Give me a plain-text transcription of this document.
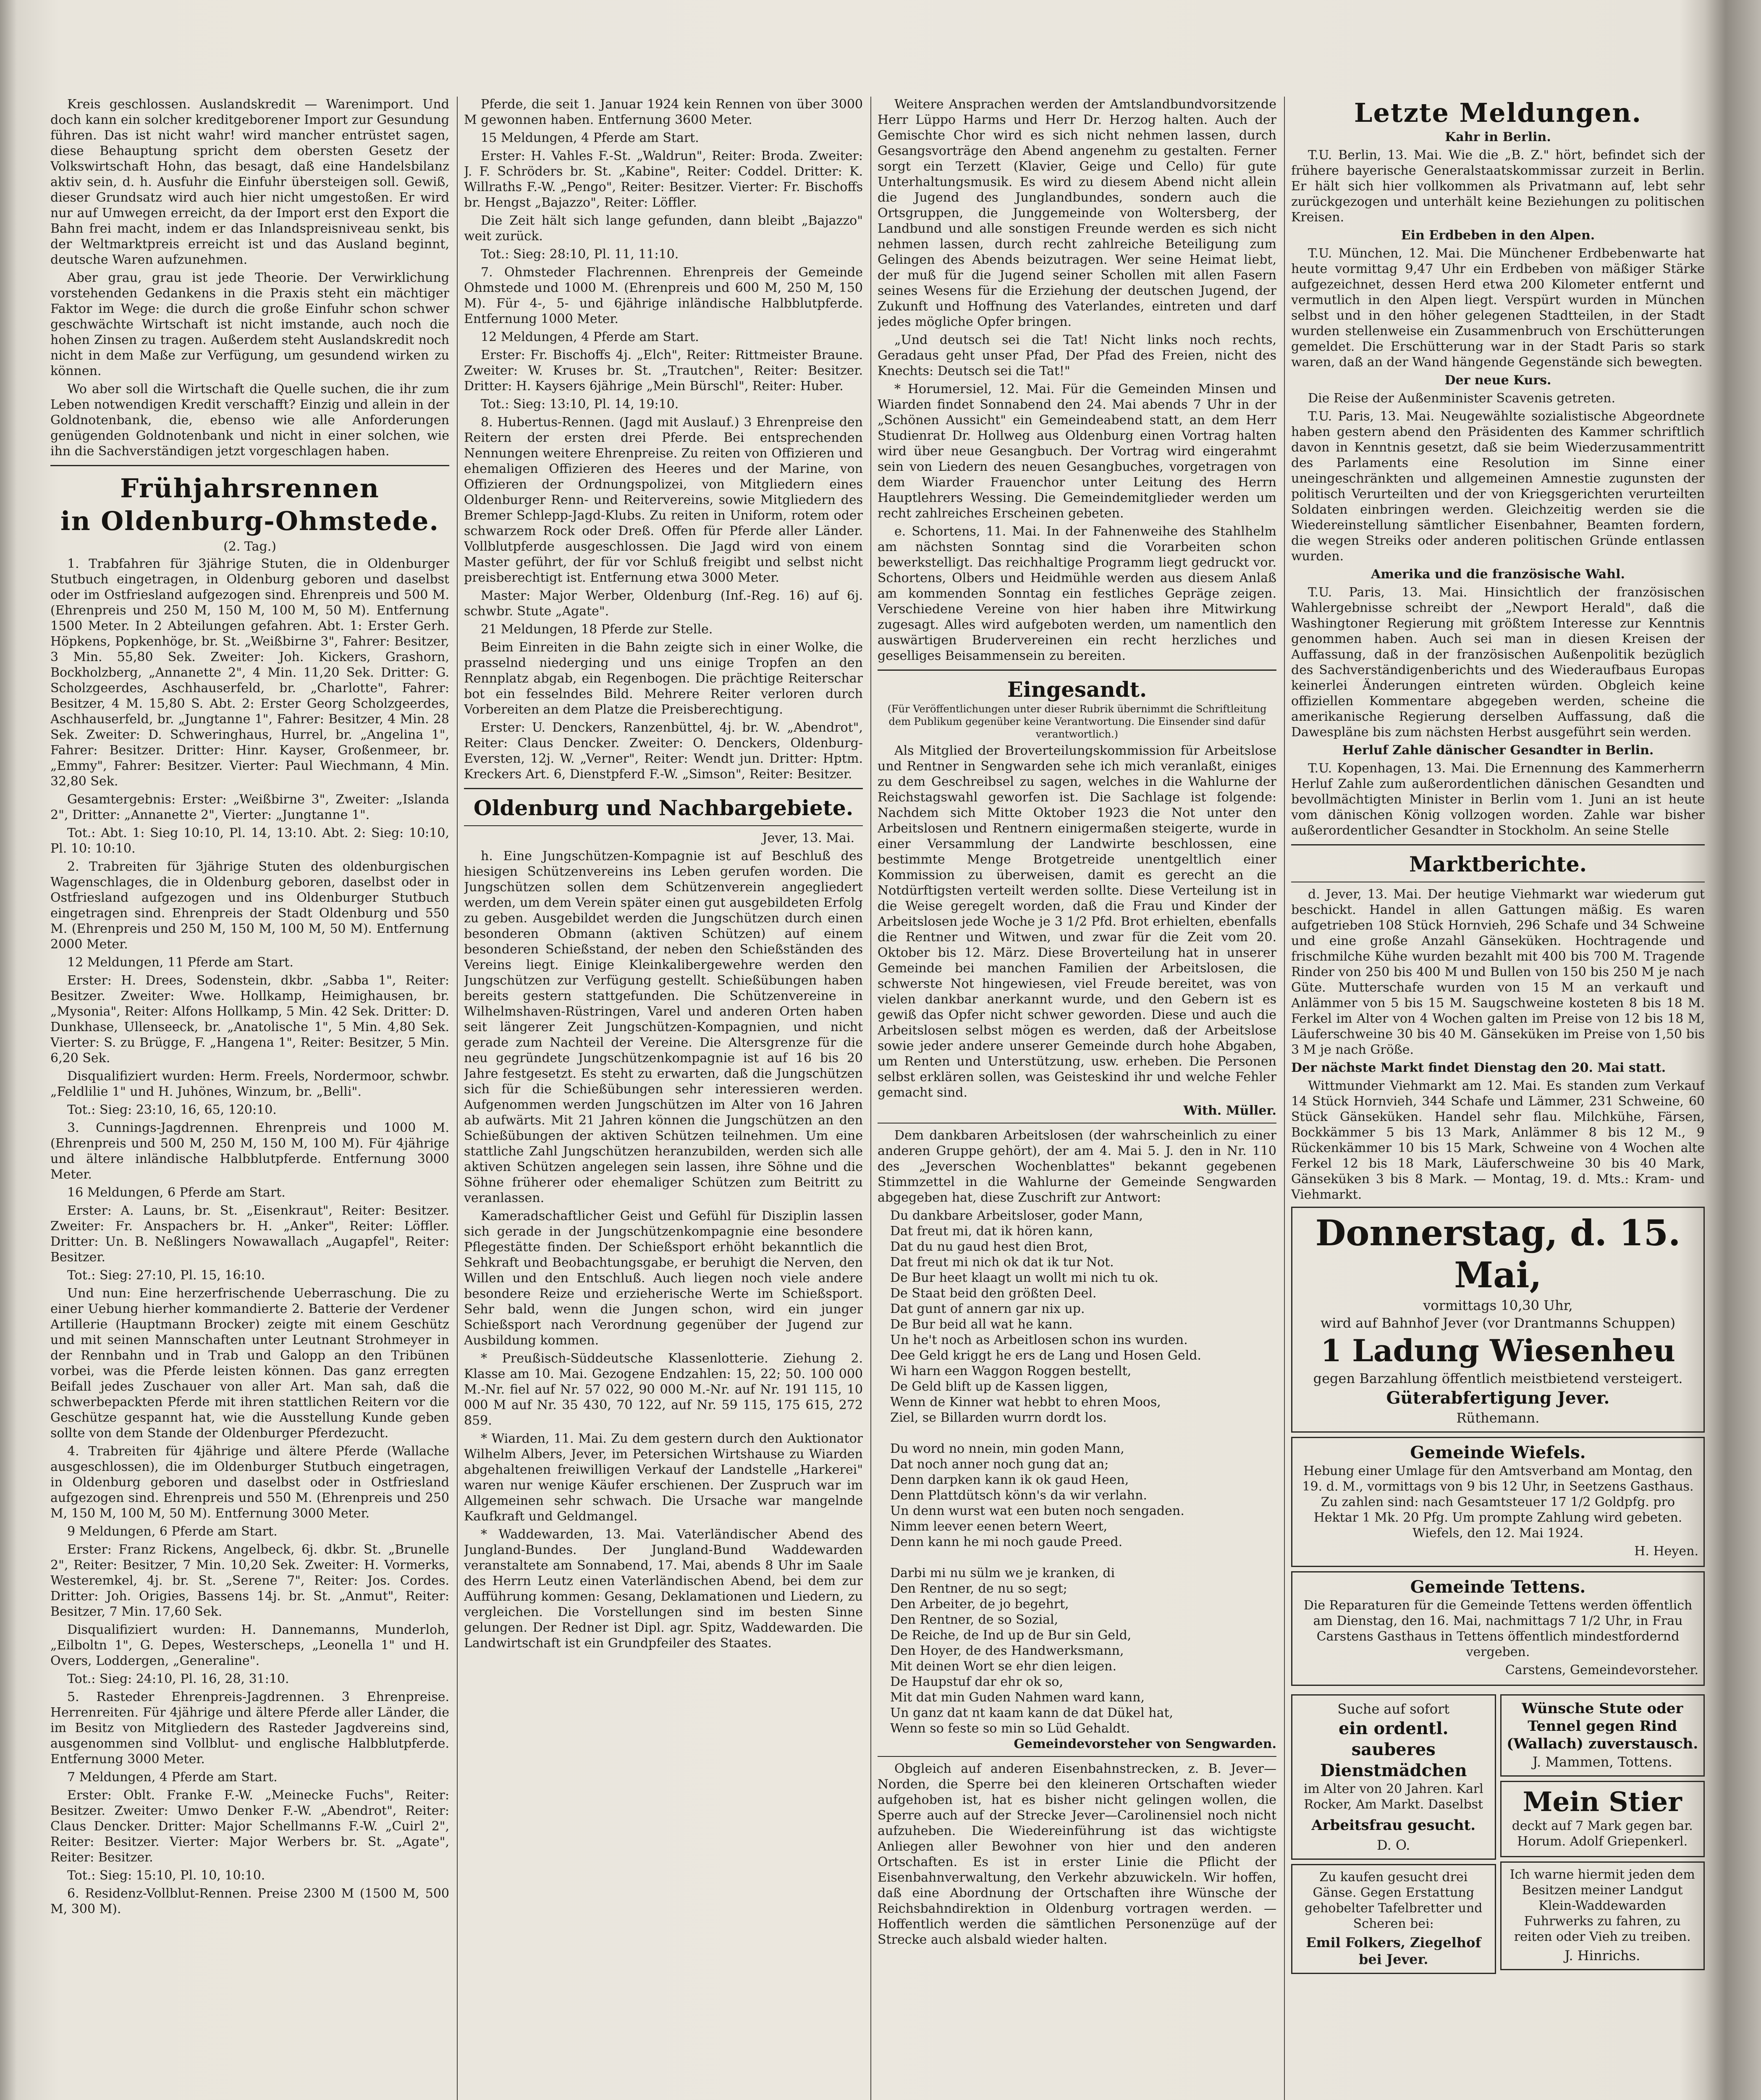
Kreis geschlossen. Auslandskredit — Warenimport. Und doch kann ein solcher kreditgeborener Import zur Gesundung führen. Das ist nicht wahr! wird mancher entrüstet sagen, diese Behauptung spricht dem obersten Gesetz der Volkswirtschaft Hohn, das besagt, daß eine Handelsbilanz aktiv sein, d. h. Ausfuhr die Einfuhr übersteigen soll. Gewiß, dieser Grundsatz wird auch hier nicht umgestoßen. Er wird nur auf Umwegen erreicht, da der Import erst den Export die Bahn frei macht, indem er das Inlandspreisniveau senkt, bis der Weltmarktpreis erreicht ist und das Ausland beginnt, deutsche Waren aufzunehmen.

Aber grau, grau ist jede Theorie. Der Verwirklichung vorstehenden Gedankens in die Praxis steht ein mächtiger Faktor im Wege: die durch die große Einfuhr schon schwer geschwächte Wirtschaft ist nicht imstande, auch noch die hohen Zinsen zu tragen. Außerdem steht Auslandskredit noch nicht in dem Maße zur Verfügung, um gesundend wirken zu können.

Wo aber soll die Wirtschaft die Quelle suchen, die ihr zum Leben notwendigen Kredit verschafft? Einzig und allein in der Goldnotenbank, die, ebenso wie alle Anforderungen genügenden Goldnotenbank und nicht in einer solchen, wie ihn die Sachverständigen jetzt vorgeschlagen haben.

Frühjahrsrennen
in Oldenburg-Ohmstede.
(2. Tag.)

1. Trabfahren für 3jährige Stuten, die in Oldenburger Stutbuch eingetragen, in Oldenburg geboren und daselbst oder im Ostfriesland aufgezogen sind. Ehrenpreis und 500 M. (Ehrenpreis und 250 M, 150 M, 100 M, 50 M). Entfernung 1500 Meter. In 2 Abteilungen gefahren. Abt. 1: Erster Gerh. Höpkens, Popkenhöge, br. St. „Weißbirne 3", Fahrer: Besitzer, 3 Min. 55,80 Sek. Zweiter: Joh. Kickers, Grashorn, Bockholzberg, „Annanette 2", 4 Min. 11,20 Sek. Dritter: G. Scholzgeerdes, Aschhauserfeld, br. „Charlotte", Fahrer: Besitzer, 4 M. 15,80 S. Abt. 2: Erster Georg Scholzgeerdes, Aschhauserfeld, br. „Jungtanne 1", Fahrer: Besitzer, 4 Min. 28 Sek. Zweiter: D. Schweringhaus, Hurrel, br. „Angelina 1", Fahrer: Besitzer. Dritter: Hinr. Kayser, Großenmeer, br. „Emmy", Fahrer: Besitzer. Vierter: Paul Wiechmann, 4 Min. 32,80 Sek.

Gesamtergebnis: Erster: „Weißbirne 3", Zweiter: „Islanda 2", Dritter: „Annanette 2", Vierter: „Jungtanne 1".

Tot.: Abt. 1: Sieg 10:10, Pl. 14, 13:10. Abt. 2: Sieg: 10:10, Pl. 10: 10:10.

2. Trabreiten für 3jährige Stuten des oldenburgischen Wagenschlages, die in Oldenburg geboren, daselbst oder in Ostfriesland aufgezogen und ins Oldenburger Stutbuch eingetragen sind. Ehrenpreis der Stadt Oldenburg und 550 M. (Ehrenpreis und 250 M, 150 M, 100 M, 50 M). Entfernung 2000 Meter.

12 Meldungen, 11 Pferde am Start.

Erster: H. Drees, Sodenstein, dkbr. „Sabba 1", Reiter: Besitzer. Zweiter: Wwe. Hollkamp, Heimighausen, br. „Mysonia", Reiter: Alfons Hollkamp, 5 Min. 42 Sek. Dritter: D. Dunkhase, Ullenseeck, br. „Anatolische 1", 5 Min. 4,80 Sek. Vierter: S. zu Brügge, F. „Hangena 1", Reiter: Besitzer, 5 Min. 6,20 Sek.

Disqualifiziert wurden: Herm. Freels, Nordermoor, schwbr. „Feldlilie 1" und H. Juhönes, Winzum, br. „Belli".

Tot.: Sieg: 23:10, 16, 65, 120:10.

3. Cunnings-Jagdrennen. Ehrenpreis und 1000 M. (Ehrenpreis und 500 M, 250 M, 150 M, 100 M). Für 4jährige und ältere inländische Halbblutpferde. Entfernung 3000 Meter.

16 Meldungen, 6 Pferde am Start.

Erster: A. Launs, br. St. „Eisenkraut", Reiter: Besitzer. Zweiter: Fr. Anspachers br. H. „Anker", Reiter: Löffler. Dritter: Un. B. Neßlingers Nowawallach „Augapfel", Reiter: Besitzer.

Tot.: Sieg: 27:10, Pl. 15, 16:10.

Und nun: Eine herzerfrischende Ueberraschung. Die zu einer Uebung hierher kommandierte 2. Batterie der Verdener Artillerie (Hauptmann Brocker) zeigte mit einem Geschütz und mit seinen Mannschaften unter Leutnant Strohmeyer in der Rennbahn und in Trab und Galopp an den Tribünen vorbei, was die Pferde leisten können. Das ganz erregten Beifall jedes Zuschauer von aller Art. Man sah, daß die schwerbepackten Pferde mit ihren stattlichen Reitern vor die Geschütze gespannt hat, wie die Ausstellung Kunde geben sollte von dem Stande der Oldenburger Pferdezucht.

4. Trabreiten für 4jährige und ältere Pferde (Wallache ausgeschlossen), die im Oldenburger Stutbuch eingetragen, in Oldenburg geboren und daselbst oder in Ostfriesland aufgezogen sind. Ehrenpreis und 550 M. (Ehrenpreis und 250 M, 150 M, 100 M, 50 M). Entfernung 3000 Meter.

9 Meldungen, 6 Pferde am Start.

Erster: Franz Rickens, Angelbeck, 6j. dkbr. St. „Brunelle 2", Reiter: Besitzer, 7 Min. 10,20 Sek. Zweiter: H. Vormerks, Westeremkel, 4j. br. St. „Serene 7", Reiter: Jos. Cordes. Dritter: Joh. Origies, Bassens 14j. br. St. „Anmut", Reiter: Besitzer, 7 Min. 17,60 Sek.

Disqualifiziert wurden: H. Dannemanns, Munderloh, „Eilboltn 1", G. Depes, Westerscheps, „Leonella 1" und H. Overs, Loddergen, „Generaline".

Tot.: Sieg: 24:10, Pl. 16, 28, 31:10.

5. Rasteder Ehrenpreis-Jagdrennen. 3 Ehrenpreise. Herrenreiten. Für 4jährige und ältere Pferde aller Länder, die im Besitz von Mitgliedern des Rasteder Jagdvereins sind, ausgenommen sind Vollblut- und englische Halbblutpferde. Entfernung 3000 Meter.

7 Meldungen, 4 Pferde am Start.

Erster: Oblt. Franke F.-W. „Meinecke Fuchs", Reiter: Besitzer. Zweiter: Umwo Denker F.-W. „Abendrot", Reiter: Claus Dencker. Dritter: Major Schellmanns F.-W. „Cuirl 2", Reiter: Besitzer. Vierter: Major Werbers br. St. „Agate", Reiter: Besitzer.

Tot.: Sieg: 15:10, Pl. 10, 10:10.

6. Residenz-Vollblut-Rennen. Preise 2300 M (1500 M, 500 M, 300 M).

Pferde, die seit 1. Januar 1924 kein Rennen von über 3000 M gewonnen haben. Entfernung 3600 Meter.

15 Meldungen, 4 Pferde am Start.

Erster: H. Vahles F.-St. „Waldrun", Reiter: Broda. Zweiter: J. F. Schröders br. St. „Kabine", Reiter: Coddel. Dritter: K. Willraths F.-W. „Pengo", Reiter: Besitzer. Vierter: Fr. Bischoffs br. Hengst „Bajazzo", Reiter: Löffler.

Die Zeit hält sich lange gefunden, dann bleibt „Bajazzo" weit zurück.

Tot.: Sieg: 28:10, Pl. 11, 11:10.

7. Ohmsteder Flachrennen. Ehrenpreis der Gemeinde Ohmstede und 1000 M. (Ehrenpreis und 600 M, 250 M, 150 M). Für 4-, 5- und 6jährige inländische Halbblutpferde. Entfernung 1000 Meter.

12 Meldungen, 4 Pferde am Start.

Erster: Fr. Bischoffs 4j. „Elch", Reiter: Rittmeister Braune. Zweiter: W. Kruses br. St. „Trautchen", Reiter: Besitzer. Dritter: H. Kaysers 6jährige „Mein Bürschl", Reiter: Huber.

Tot.: Sieg: 13:10, Pl. 14, 19:10.

8. Hubertus-Rennen. (Jagd mit Auslauf.) 3 Ehrenpreise den Reitern der ersten drei Pferde. Bei entsprechenden Nennungen weitere Ehrenpreise. Zu reiten von Offizieren und ehemaligen Offizieren des Heeres und der Marine, von Offizieren der Ordnungspolizei, von Mitgliedern eines Oldenburger Renn- und Reitervereins, sowie Mitgliedern des Bremer Schlepp-Jagd-Klubs. Zu reiten in Uniform, rotem oder schwarzem Rock oder Dreß. Offen für Pferde aller Länder. Vollblutpferde ausgeschlossen. Die Jagd wird von einem Master geführt, der für vor Schluß freigibt und selbst nicht preisberechtigt ist. Entfernung etwa 3000 Meter.

Master: Major Werber, Oldenburg (Inf.-Reg. 16) auf 6j. schwbr. Stute „Agate".

21 Meldungen, 18 Pferde zur Stelle.

Beim Einreiten in die Bahn zeigte sich in einer Wolke, die prasselnd niederging und uns einige Tropfen an den Rennplatz abgab, ein Regenbogen. Die prächtige Reiterschar bot ein fesselndes Bild. Mehrere Reiter verloren durch Vorbereiten an dem Platze die Preisberechtigung.

Erster: U. Denckers, Ranzenbüttel, 4j. br. W. „Abendrot", Reiter: Claus Dencker. Zweiter: O. Denckers, Oldenburg-Eversten, 12j. W. „Verner", Reiter: Wendt jun. Dritter: Hptm. Kreckers Art. 6, Dienstpferd F.-W. „Simson", Reiter: Besitzer.

Oldenburg und Nachbargebiete.

Jever, 13. Mai.

h. Eine Jungschützen-Kompagnie ist auf Beschluß des hiesigen Schützenvereins ins Leben gerufen worden. Die Jungschützen sollen dem Schützenverein angegliedert werden, um dem Verein später einen gut ausgebildeten Erfolg zu geben. Ausgebildet werden die Jungschützen durch einen besonderen Obmann (aktiven Schützen) auf einem besonderen Schießstand, der neben den Schießständen des Vereins liegt. Einige Kleinkalibergewehre werden den Jungschützen zur Verfügung gestellt. Schießübungen haben bereits gestern stattgefunden. Die Schützenvereine in Wilhelmshaven-Rüstringen, Varel und anderen Orten haben seit längerer Zeit Jungschützen-Kompagnien, und nicht gerade zum Nachteil der Vereine. Die Altersgrenze für die neu gegründete Jungschützenkompagnie ist auf 16 bis 20 Jahre festgesetzt. Es steht zu erwarten, daß die Jungschützen sich für die Schießübungen sehr interessieren werden. Aufgenommen werden Jungschützen im Alter von 16 Jahren ab aufwärts. Mit 21 Jahren können die Jungschützen an den Schießübungen der aktiven Schützen teilnehmen. Um eine stattliche Zahl Jungschützen heranzubilden, werden sich alle aktiven Schützen angelegen sein lassen, ihre Söhne und die Söhne früherer oder ehemaliger Schützen zum Beitritt zu veranlassen.

Kameradschaftlicher Geist und Gefühl für Disziplin lassen sich gerade in der Jungschützenkompagnie eine besondere Pflegestätte finden. Der Schießsport erhöht bekanntlich die Sehkraft und Beobachtungsgabe, er beruhigt die Nerven, den Willen und den Entschluß. Auch liegen noch viele andere besondere Reize und erzieherische Werte im Schießsport. Sehr bald, wenn die Jungen schon, wird ein junger Schießsport nach Verordnung gegenüber der Jugend zur Ausbildung kommen.

* Preußisch-Süddeutsche Klassenlotterie. Ziehung 2. Klasse am 10. Mai. Gezogene Endzahlen: 15, 22; 50. 100 000 M.-Nr. fiel auf Nr. 57 022, 90 000 M.-Nr. auf Nr. 191 115, 10 000 M auf Nr. 35 430, 70 122, auf Nr. 59 115, 175 615, 272 859.

* Wiarden, 11. Mai. Zu dem gestern durch den Auktionator Wilhelm Albers, Jever, im Petersichen Wirtshause zu Wiarden abgehaltenen freiwilligen Verkauf der Landstelle „Harkerei" waren nur wenige Käufer erschienen. Der Zuspruch war im Allgemeinen sehr schwach. Die Ursache war mangelnde Kaufkraft und Geldmangel.

* Waddewarden, 13. Mai. Vaterländischer Abend des Jungland-Bundes. Der Jungland-Bund Waddewarden veranstaltete am Sonnabend, 17. Mai, abends 8 Uhr im Saale des Herrn Leutz einen Vaterländischen Abend, bei dem zur Aufführung kommen: Gesang, Deklamationen und Liedern, zu vergleichen. Die Vorstellungen sind im besten Sinne gelungen. Der Redner ist Dipl. agr. Spitz, Waddewarden. Die Landwirtschaft ist ein Grundpfeiler des Staates.

Weitere Ansprachen werden der Amtslandbundvorsitzende Herr Lüppo Harms und Herr Dr. Herzog halten. Auch der Gemischte Chor wird es sich nicht nehmen lassen, durch Gesangsvorträge den Abend angenehm zu gestalten. Ferner sorgt ein Terzett (Klavier, Geige und Cello) für gute Unterhaltungsmusik. Es wird zu diesem Abend nicht allein die Jugend des Junglandbundes, sondern auch die Ortsgruppen, die Junggemeinde von Woltersberg, der Landbund und alle sonstigen Freunde werden es sich nicht nehmen lassen, durch recht zahlreiche Beteiligung zum Gelingen des Abends beizutragen. Wer seine Heimat liebt, der muß für die Jugend seiner Schollen mit allen Fasern seines Wesens für die Erziehung der deutschen Jugend, der Zukunft und Hoffnung des Vaterlandes, eintreten und darf jedes mögliche Opfer bringen.

„Und deutsch sei die Tat! Nicht links noch rechts, Geradaus geht unser Pfad, Der Pfad des Freien, nicht des Knechts: Deutsch sei die Tat!"

* Horumersiel, 12. Mai. Für die Gemeinden Minsen und Wiarden findet Sonnabend den 24. Mai abends 7 Uhr in der „Schönen Aussicht" ein Gemeindeabend statt, an dem Herr Studienrat Dr. Hollweg aus Oldenburg einen Vortrag halten wird über neue Gesangbuch. Der Vortrag wird eingerahmt sein von Liedern des neuen Gesangbuches, vorgetragen von dem Wiarder Frauenchor unter Leitung des Herrn Hauptlehrers Wessing. Die Gemeindemitglieder werden um recht zahlreiches Erscheinen gebeten.

e. Schortens, 11. Mai. In der Fahnenweihe des Stahlhelm am nächsten Sonntag sind die Vorarbeiten schon bewerkstelligt. Das reichhaltige Programm liegt gedruckt vor. Schortens, Olbers und Heidmühle werden aus diesem Anlaß am kommenden Sonntag ein festliches Gepräge zeigen. Verschiedene Vereine von hier haben ihre Mitwirkung zugesagt. Alles wird aufgeboten werden, um namentlich den auswärtigen Brudervereinen ein recht herzliches und geselliges Beisammensein zu bereiten.

Eingesandt.

(Für Veröffentlichungen unter dieser Rubrik übernimmt die Schriftleitung dem Publikum gegenüber keine Verantwortung. Die Einsender sind dafür verantwortlich.)

Als Mitglied der Broverteilungskommission für Arbeitslose und Rentner in Sengwarden sehe ich mich veranlaßt, einiges zu dem Geschreibsel zu sagen, welches in die Wahlurne der Reichstagswahl geworfen ist. Die Sachlage ist folgende: Nachdem sich Mitte Oktober 1923 die Not unter den Arbeitslosen und Rentnern einigermaßen steigerte, wurde in einer Versammlung der Landwirte beschlossen, eine bestimmte Menge Brotgetreide unentgeltlich einer Kommission zu überweisen, damit es gerecht an die Notdürftigsten verteilt werden sollte. Diese Verteilung ist in die Weise geregelt worden, daß die Frau und Kinder der Arbeitslosen jede Woche je 3 1/2 Pfd. Brot erhielten, ebenfalls die Rentner und Witwen, und zwar für die Zeit vom 20. Oktober bis 12. März. Diese Broverteilung hat in unserer Gemeinde bei manchen Familien der Arbeitslosen, die schwerste Not hingewiesen, viel Freude bereitet, was von vielen dankbar anerkannt wurde, und den Gebern ist es gewiß das Opfer nicht schwer geworden. Diese und auch die Arbeitslosen selbst mögen es werden, daß der Arbeitslose sowie jeder andere unserer Gemeinde durch hohe Abgaben, um Renten und Unterstützung, usw. erheben. Die Personen selbst erklären sollen, was Geisteskind ihr und welche Fehler gemacht sind.

With. Müller.

Dem dankbaren Arbeitslosen (der wahrscheinlich zu einer anderen Gruppe gehört), der am 4. Mai 5. J. den in Nr. 110 des „Jeverschen Wochenblattes" bekannt gegebenen Stimmzettel in die Wahlurne der Gemeinde Sengwarden abgegeben hat, diese Zuschrift zur Antwort:

Du dankbare Arbeitsloser, goder Mann,

Dat freut mi, dat ik hören kann,

Dat du nu gaud hest dien Brot,

Dat freut mi nich ok dat ik tur Not.

De Bur heet klaagt un wollt mi nich tu ok.

De Staat beid den größten Deel.

Dat gunt of annern gar nix up.

De Bur beid all wat he kann.

Un he't noch as Arbeitlosen schon ins wurden.

Dee Geld kriggt he ers de Lang und Hosen Geld.

Wi harn een Waggon Roggen bestellt,

De Geld blift up de Kassen liggen,

Wenn de Kinner wat hebbt to ehren Moos,

Ziel, se Billarden wurrn dordt los.

Du word no nnein, min goden Mann,

Dat noch anner noch gung dat an;

Denn darpken kann ik ok gaud Heen,

Denn Plattdütsch könn's da wir verlahn.

Un denn wurst wat een buten noch sengaden.

Nimm leever eenen betern Weert,

Denn kann he mi noch gaude Preed.

Darbi mi nu sülm we je kranken, di

Den Rentner, de nu so segt;

Den Arbeiter, de jo begehrt,

Den Rentner, de so Sozial,

De Reiche, de Ind up de Bur sin Geld,

Den Hoyer, de des Handwerksmann,

Mit deinen Wort se ehr dien leigen.

De Haupstuf dar ehr ok so,

Mit dat min Guden Nahmen ward kann,

Un ganz dat nt kaam kann de dat Dükel hat,

Wenn so feste so min so Lüd Gehaldt.

Gemeindevorsteher von Sengwarden.

Obgleich auf anderen Eisenbahnstrecken, z. B. Jever—Norden, die Sperre bei den kleineren Ortschaften wieder aufgehoben ist, hat es bisher nicht gelingen wollen, die Sperre auch auf der Strecke Jever—Carolinensiel noch nicht aufzuheben. Die Wiedereinführung ist das wichtigste Anliegen aller Bewohner von hier und den anderen Ortschaften. Es ist in erster Linie die Pflicht der Eisenbahnverwaltung, den Verkehr abzuwickeln. Wir hoffen, daß eine Abordnung der Ortschaften ihre Wünsche der Reichsbahndirektion in Oldenburg vortragen werden. — Hoffentlich werden die sämtlichen Personenzüge auf der Strecke auch alsbald wieder halten.

Letzte Meldungen.

Kahr in Berlin.

T.U. Berlin, 13. Mai. Wie die „B. Z." hört, befindet sich der frühere bayerische Generalstaatskommissar zurzeit in Berlin. Er hält sich hier vollkommen als Privatmann auf, lebt sehr zurückgezogen und unterhält keine Beziehungen zu politischen Kreisen.

Ein Erdbeben in den Alpen.

T.U. München, 12. Mai. Die Münchener Erdbebenwarte hat heute vormittag 9,47 Uhr ein Erdbeben von mäßiger Stärke aufgezeichnet, dessen Herd etwa 200 Kilometer entfernt und vermutlich in den Alpen liegt. Verspürt wurden in München selbst und in den höher gelegenen Stadtteilen, in der Stadt wurden stellenweise ein Zusammenbruch von Erschütterungen gemeldet. Die Erschütterung war in der Stadt Paris so stark waren, daß an der Wand hängende Gegenstände sich bewegten.

Der neue Kurs.

Die Reise der Außenminister Scavenis getreten.

T.U. Paris, 13. Mai. Neugewählte sozialistische Abgeordnete haben gestern abend den Präsidenten des Kammer schriftlich davon in Kenntnis gesetzt, daß sie beim Wiederzusammentritt des Parlaments eine Resolution im Sinne einer uneingeschränkten und allgemeinen Amnestie zugunsten der politisch Verurteilten und der von Kriegsgerichten verurteilten Soldaten einbringen werden. Gleichzeitig werden sie die Wiedereinstellung sämtlicher Eisenbahner, Beamten fordern, die wegen Streiks oder anderen politischen Gründe entlassen wurden.

Amerika und die französische Wahl.

T.U. Paris, 13. Mai. Hinsichtlich der französischen Wahlergebnisse schreibt der „Newport Herald", daß die Washingtoner Regierung mit größtem Interesse zur Kenntnis genommen haben. Auch sei man in diesen Kreisen der Auffassung, daß in der französischen Außenpolitik bezüglich des Sachverständigenberichts und des Wiederaufbaus Europas keinerlei Änderungen eintreten würden. Obgleich keine offiziellen Kommentare abgegeben werden, scheine die amerikanische Regierung derselben Auffassung, daß die Dawespläne bis zum nächsten Herbst ausgeführt sein werden.

Herluf Zahle dänischer Gesandter in Berlin.

T.U. Kopenhagen, 13. Mai. Die Ernennung des Kammerherrn Herluf Zahle zum außerordentlichen dänischen Gesandten und bevollmächtigten Minister in Berlin vom 1. Juni an ist heute vom dänischen König vollzogen worden. Zahle war bisher außerordentlicher Gesandter in Stockholm. An seine Stelle

Marktberichte.

d. Jever, 13. Mai. Der heutige Viehmarkt war wiederum gut beschickt. Handel in allen Gattungen mäßig. Es waren aufgetrieben 108 Stück Hornvieh, 296 Schafe und 34 Schweine und eine große Anzahl Gänseküken. Hochtragende und frischmilche Kühe wurden bezahlt mit 400 bis 700 M. Tragende Rinder von 250 bis 400 M und Bullen von 150 bis 250 M je nach Güte. Mutterschafe wurden von 15 M an verkauft und Anlämmer von 5 bis 15 M. Saugschweine kosteten 8 bis 18 M. Ferkel im Alter von 4 Wochen galten im Preise von 12 bis 18 M, Läuferschweine 30 bis 40 M. Gänseküken im Preise von 1,50 bis 3 M je nach Größe.

Der nächste Markt findet Dienstag den 20. Mai statt.

Wittmunder Viehmarkt am 12. Mai. Es standen zum Verkauf 14 Stück Hornvieh, 344 Schafe und Lämmer, 231 Schweine, 60 Stück Gänseküken. Handel sehr flau. Milchkühe, Färsen, Bockkämmer 5 bis 13 Mark, Anlämmer 8 bis 12 M., 9 Rückenkämmer 10 bis 15 Mark, Schweine von 4 Wochen alte Ferkel 12 bis 18 Mark, Läuferschweine 30 bis 40 Mark, Gänseküken 3 bis 8 Mark. — Montag, 19. d. Mts.: Kram- und Viehmarkt.

Donnerstag, d. 15. Mai,
vormittags 10,30 Uhr,
wird auf Bahnhof Jever (vor Drantmanns Schuppen)
1 Ladung Wiesenheu
gegen Barzahlung öffentlich meistbietend versteigert.
Güterabfertigung Jever.
Rüthemann.
Gemeinde Wiefels.

Hebung einer Umlage für den Amtsverband am Montag, den 19. d. M., vormittags von 9 bis 12 Uhr, in Seetzens Gasthaus. Zu zahlen sind: nach Gesamtsteuer 17 1/2 Goldpfg. pro Hektar 1 Mk. 20 Pfg. Um prompte Zahlung wird gebeten. Wiefels, den 12. Mai 1924.

H. Heyen.

Gemeinde Tettens.

Die Reparaturen für die Gemeinde Tettens werden öffentlich am Dienstag, den 16. Mai, nachmittags 7 1/2 Uhr, in Frau Carstens Gasthaus in Tettens öffentlich mindestfordernd vergeben.

Carstens, Gemeindevorsteher.

Suche auf sofort
ein ordentl. sauberes Dienstmädchen

im Alter von 20 Jahren. Karl Rocker, Am Markt. Daselbst

Arbeitsfrau gesucht.
D. O.

Zu kaufen gesucht drei Gänse. Gegen Erstattung gehobelter Tafelbretter und Scheren bei:

Emil Folkers, Ziegelhof bei Jever.
Wünsche Stute oder Tennel gegen Rind (Wallach) zuverstausch.
J. Mammen, Tottens.
Mein Stier

deckt auf 7 Mark gegen bar. Horum. Adolf Griepenkerl.

Ich warne hiermit jeden dem Besitzen meiner Landgut Klein-Waddewarden Fuhrwerks zu fahren, zu reiten oder Vieh zu treiben.

J. Hinrichs.
